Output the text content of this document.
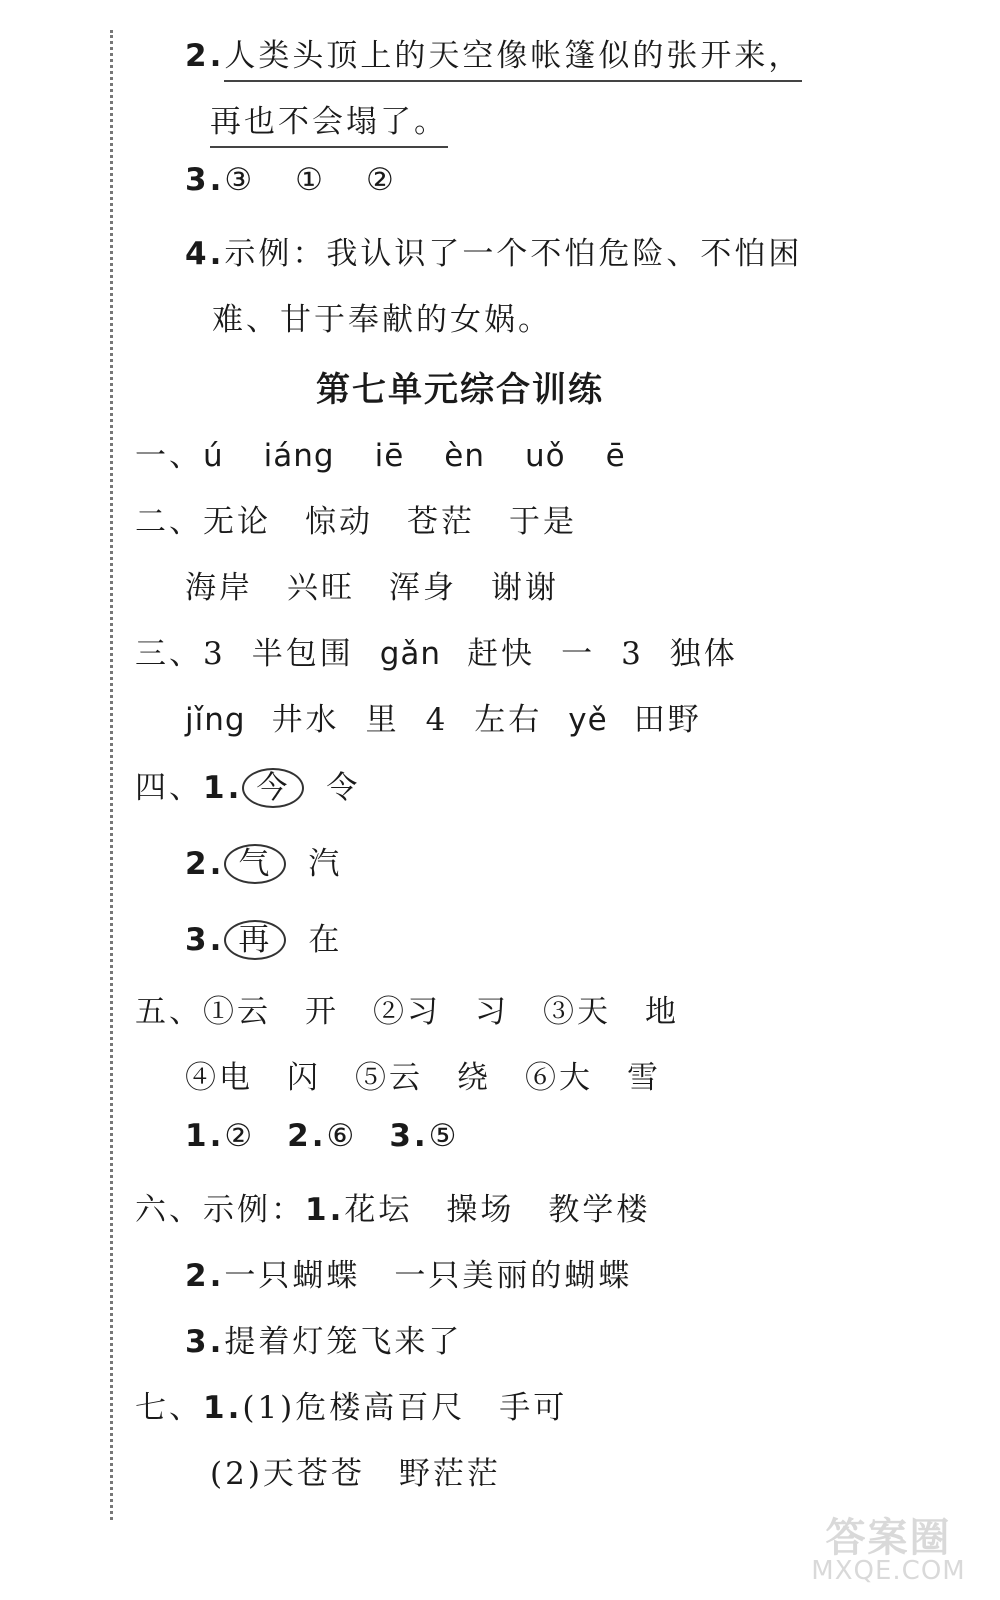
2.人类头顶上的天空像帐篷似的张开来，
再也不会塌了。
3.③ ① ②
4.示例：我认识了一个不怕危险、不怕困
难、甘于奉献的女娲。
第七单元综合训练
一、ú iáng iē èn uǒ ē
二、无论 惊动 苍茫 于是
海岸 兴旺 浑身 谢谢
三、3 半包围 gǎn 赶快 一 3 独体
jǐng 井水 里 4 左右 yě 田野
四、1. 今 令
2. 气 汽
3. 再 在
五、①云 开 ②习 习 ③天 地
④电 闪 ⑤云 绕 ⑥大 雪
1.② 2.⑥ 3.⑤
六、示例：1.花坛 操场 教学楼
2.一只蝴蝶 一只美丽的蝴蝶
3.提着灯笼飞来了
七、1.(1)危楼高百尺 手可
(2)天苍苍 野茫茫
答案圈
MXQE.COM
